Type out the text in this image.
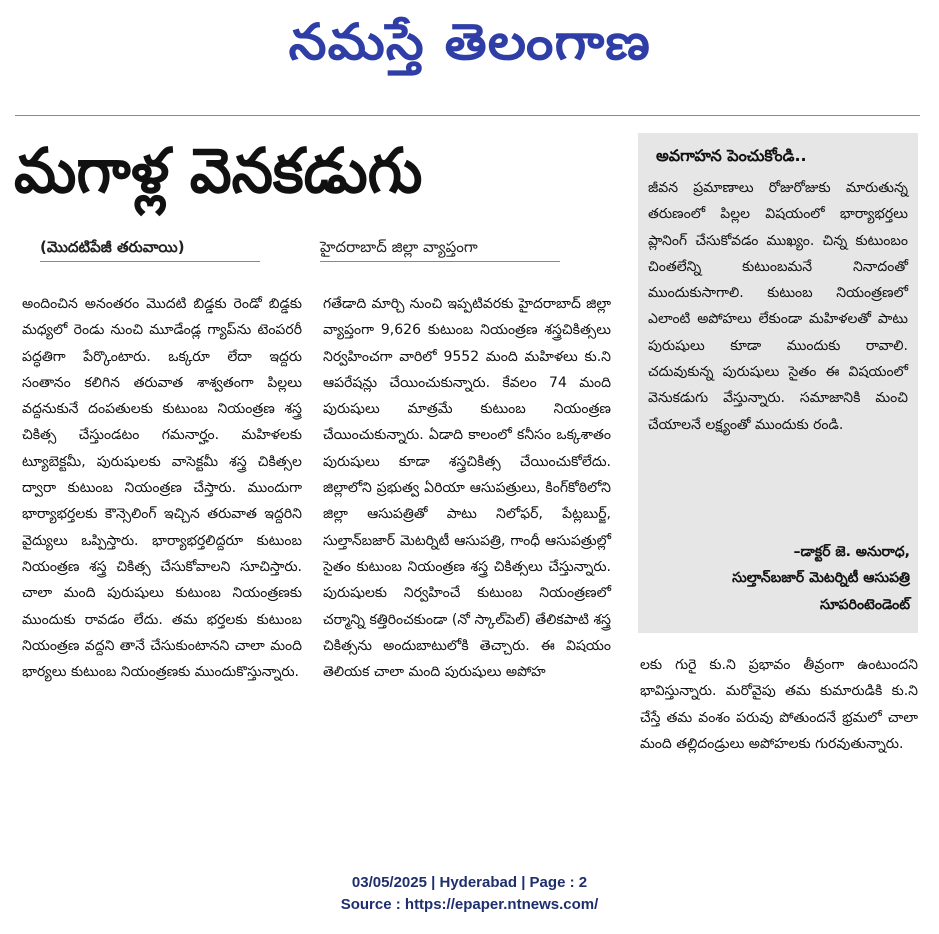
నమస్తే తెలంగాణ
మగాళ్ల వెనకడుగు
(మొదటిపేజీ తరువాయి)	హైదరాబాద్ జిల్లా వ్యాప్తంగా

అందించిన అనంతరం మొదటి బిడ్డకు రెండో బిడ్డకు మధ్యలో రెండు నుంచి మూడేండ్ల గ్యాప్‌ను టెంపరరీ పద్ధతిగా పేర్కొంటారు. ఒక్కరూ లేదా ఇద్దరు సంతానం కలిగిన తరువాత శాశ్వతంగా పిల్లలు వద్దనుకునే దంపతులకు కుటుంబ నియంత్రణ శస్త్ర చికిత్స చేస్తుండటం గమనార్హం. మహిళలకు ట్యూబెక్టమీ, పురుషులకు వాసెక్టమీ శస్త్ర చికిత్సల ద్వారా కుటుంబ నియంత్రణ చేస్తారు. ముందుగా భార్యాభర్తలకు కౌన్సెలింగ్ ఇచ్చిన తరువాత ఇద్దరిని వైద్యులు ఒప్పిస్తారు. భార్యాభర్తలిద్దరూ కుటుంబ నియంత్రణ శస్త్ర చికిత్స చేసుకోవాలని సూచిస్తారు. చాలా మంది పురుషులు కుటుంబ నియంత్రణకు ముందుకు రావడం లేదు. తమ భర్తలకు కుటుంబ నియంత్రణ వద్దని తానే చేసుకుంటానని చాలా మంది భార్యలు కుటుంబ నియంత్రణకు ముందుకొస్తున్నారు.

గతేడాది మార్చి నుంచి ఇప్పటివరకు హైదరాబాద్ జిల్లా వ్యాప్తంగా 9,626 కుటుంబ నియంత్రణ శస్త్రచికిత్సలు నిర్వహించగా వారిలో 9552 మంది మహిళలు కు.ని ఆపరేషన్లు చేయించుకున్నారు. కేవలం 74 మంది పురుషులు మాత్రమే కుటుంబ నియంత్రణ చేయించుకున్నారు. ఏడాది కాలంలో కనీసం ఒక్కశాతం పురుషులు కూడా శస్త్రచికిత్స చేయించుకోలేదు. జిల్లాలోని ప్రభుత్వ ఏరియా ఆసుపత్రులు, కింగ్‌కోఠిలోని జిల్లా ఆసుపత్రితో పాటు నిలోఫర్, పేట్లబుర్జ్, సుల్తాన్‌బజార్ మెటర్నిటీ ఆసుపత్రి, గాంధీ ఆసుపత్రుల్లో సైతం కుటుంబ నియంత్రణ శస్త్ర చికిత్సలు చేస్తున్నారు. పురుషులకు నిర్వహించే కుటుంబ నియంత్రణలో చర్మాన్ని కత్తిరించకుండా (నో స్కాల్‌పెల్) తేలికపాటి శస్త్ర చికిత్సను అందుబాటులోకి తెచ్చారు. ఈ విషయం తెలియక చాలా మంది పురుషులు అపోహ

అవగాహన పెంచుకోండి..
జీవన ప్రమాణాలు రోజురోజుకు మారుతున్న తరుణంలో పిల్లల విషయంలో భార్యాభర్తలు ప్లానింగ్ చేసుకోవడం ముఖ్యం. చిన్న కుటుంబం చింతలేన్ని కుటుంబమనే నినాదంతో ముందుకుసాగాలి. కుటుంబ నియంత్రణలో ఎలాంటి అపోహలు లేకుండా మహిళలతో పాటు పురుషులు కూడా ముందుకు రావాలి. చదువుకున్న పురుషులు సైతం ఈ విషయంలో వెనుకడుగు వేస్తున్నారు. సమాజానికి మంచి చేయాలనే లక్ష్యంతో ముందుకు రండి.
–డాక్టర్ జె. అనురాధ,
సుల్తాన్‌బజార్ మెటర్నిటీ ఆసుపత్రి
సూపరింటెండెంట్

లకు గురై కు.ని ప్రభావం తీవ్రంగా ఉంటుందని భావిస్తున్నారు. మరోవైపు తమ కుమారుడికి కు.ని చేస్తే తమ వంశం పరువు పోతుందనే భ్రమలో చాలా మంది తల్లిదండ్రులు అపోహలకు గురవుతున్నారు.

03/05/2025 | Hyderabad | Page : 2
Source : https://epaper.ntnews.com/
